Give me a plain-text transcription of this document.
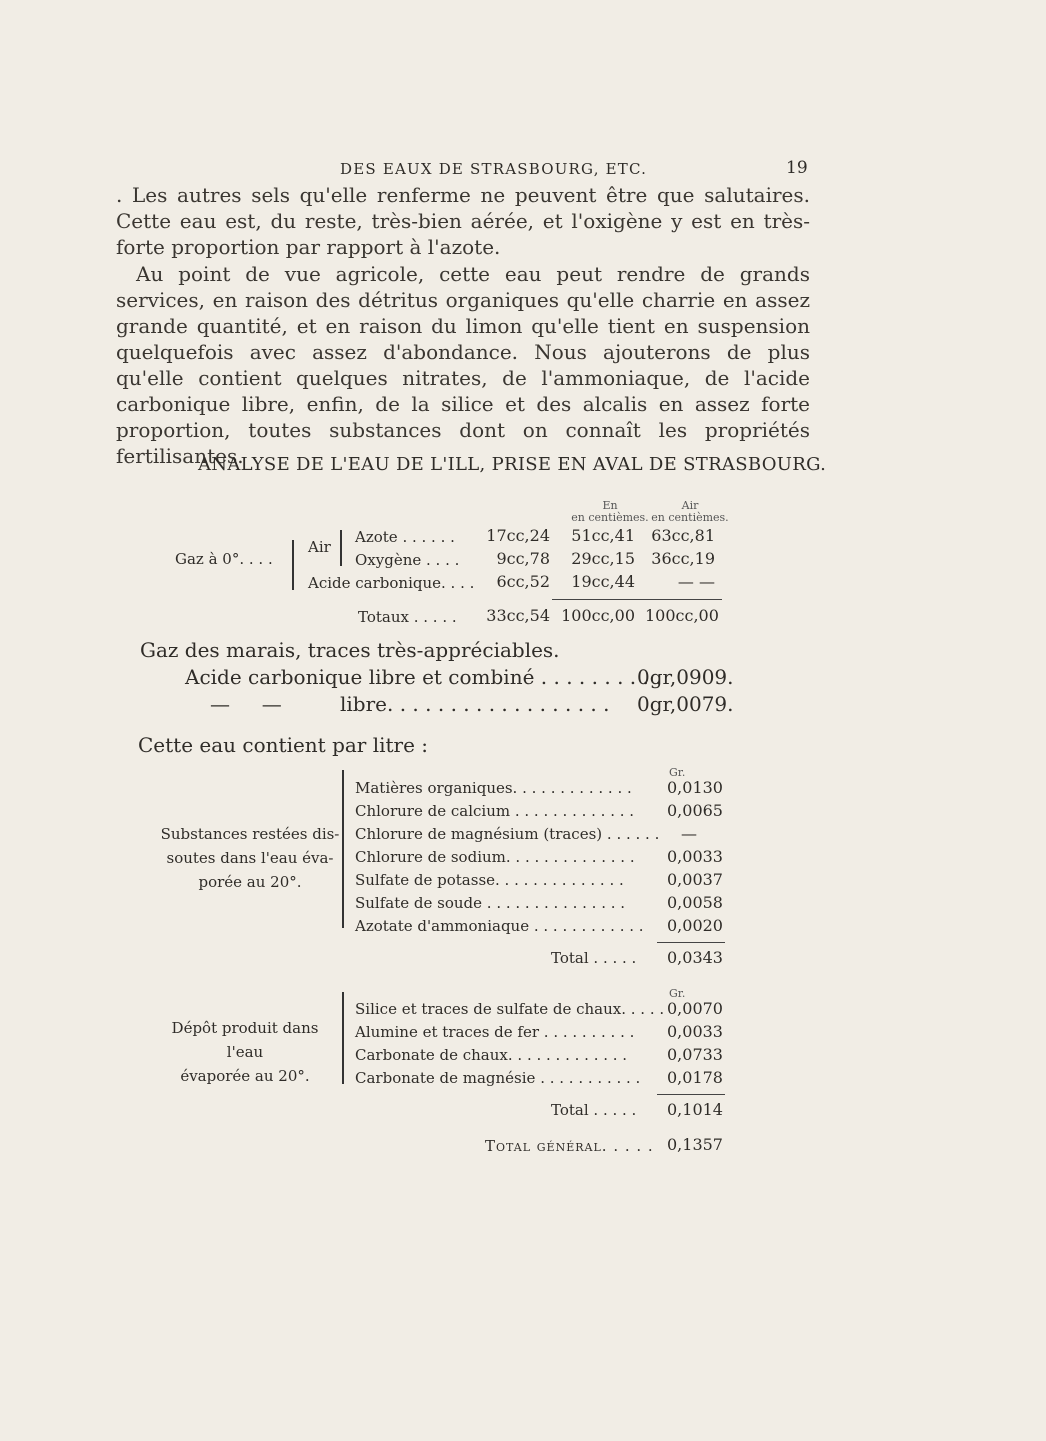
DES EAUX DE STRASBOURG, ETC.	19
. Les autres sels qu'elle renferme ne peuvent être que salutaires. Cette eau est, du reste, très-bien aérée, et l'oxigène y est en très-forte proportion par rapport à l'azote.
Au point de vue agricole, cette eau peut rendre de grands services, en raison des détritus organiques qu'elle charrie en assez grande quantité, et en raison du limon qu'elle tient en suspension quelquefois avec assez d'abondance. Nous ajouterons de plus qu'elle contient quelques nitrates, de l'ammoniaque, de l'acide carbonique libre, enfin, de la silice et des alcalis en assez forte proportion, toutes substances dont on connaît les propriétés fertilisantes.
ANALYSE DE L'EAU DE L'ILL, PRISE EN AVAL DE STRASBOURG.
En
en centièmes.
Air
en centièmes.
Gaz à 0°. . . .
Air
Azote . . . . . .	17cc,24	51cc,41	63cc,81
Oxygène . . . .	9cc,78	29cc,15	36cc,19
Acide carbonique. . . .	6cc,52	19cc,44	— —
Totaux . . . . .	33cc,54 100cc,00 100cc,00
Gaz des marais, traces très-appréciables.
Acide carbonique libre et combiné . . . . . . . . . .
0gr,0909.
—     —	libre. . . . . . . . . . . . . . . . . . 0gr,0079.
Cette eau contient par litre :
Gr.
Substances restées dis-
soutes dans l'eau éva-
porée au 20°.
Matières organiques. . . . . . . . . . . . . 0,0130
Chlorure de calcium . . . . . . . . . . . . . 0,0065
Chlorure de magnésium (traces) . . . . . . —
Chlorure de sodium. . . . . . . . . . . . . . 0,0033
Sulfate de potasse. . . . . . . . . . . . . .	0,0037
Sulfate de soude . . . . . . . . . . . . . . .	0,0058
Azotate d'ammoniaque . . . . . . . . . . . . 0,0020
Total . . . . . 0,0343
Gr.
Dépôt produit dans l'eau
évaporée au 20°.
Silice et traces de sulfate de chaux. . . . . 0,0070
Alumine et traces de fer . . . . . . . . . . 0,0033
Carbonate de chaux. . . . . . . . . . . . . 0,0733
Carbonate de magnésie . . . . . . . . . . . 0,0178
Total . . . . . 0,1014
Total général. . . . . 0,1357
